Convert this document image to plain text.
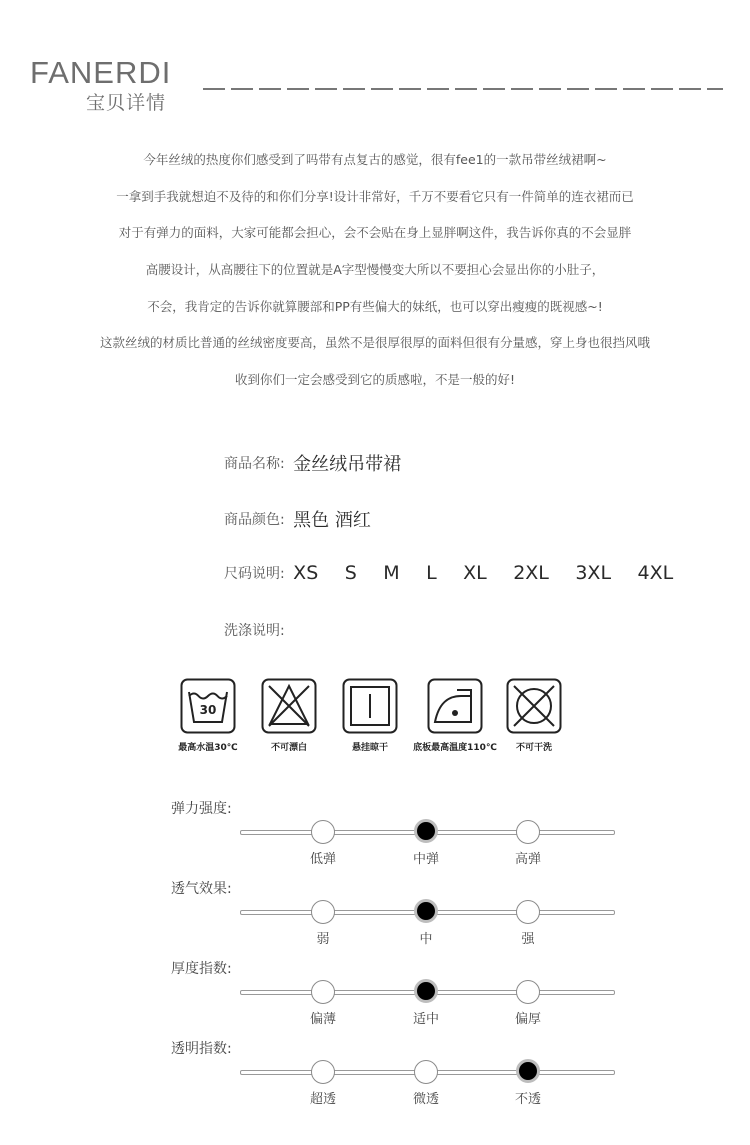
FANERDI
宝贝详情

今年丝绒的热度你们感受到了吗带有点复古的感觉，很有fee1的一款吊带丝绒裙啊~

一拿到手我就想迫不及待的和你们分享!设计非常好，千万不要看它只有一件简单的连衣裙而已

对于有弹力的面料，大家可能都会担心，会不会贴在身上显胖啊这件，我告诉你真的不会显胖

高腰设计，从高腰往下的位置就是A字型慢慢变大所以不要担心会显出你的小肚子，

不会，我肯定的告诉你就算腰部和PP有些偏大的妹纸，也可以穿出瘦瘦的既视感~!

这款丝绒的材质比普通的丝绒密度要高，虽然不是很厚很厚的面料但很有分量感，穿上身也很挡风哦

收到你们一定会感受到它的质感啦，不是一般的好!

商品名称: 金丝绒吊带裙
商品颜色: 黑色 酒红
尺码说明: XS S M L XL 2XL 3XL 4XL
洗涤说明:
30
最高水温30℃	不可漂白	悬挂晾干	底板最高温度110℃	不可干洗
弹力强度:
低弹	中弹	高弹
透气效果:
弱	中	强
厚度指数:
偏薄	适中	偏厚
透明指数:
超透	微透	不透
